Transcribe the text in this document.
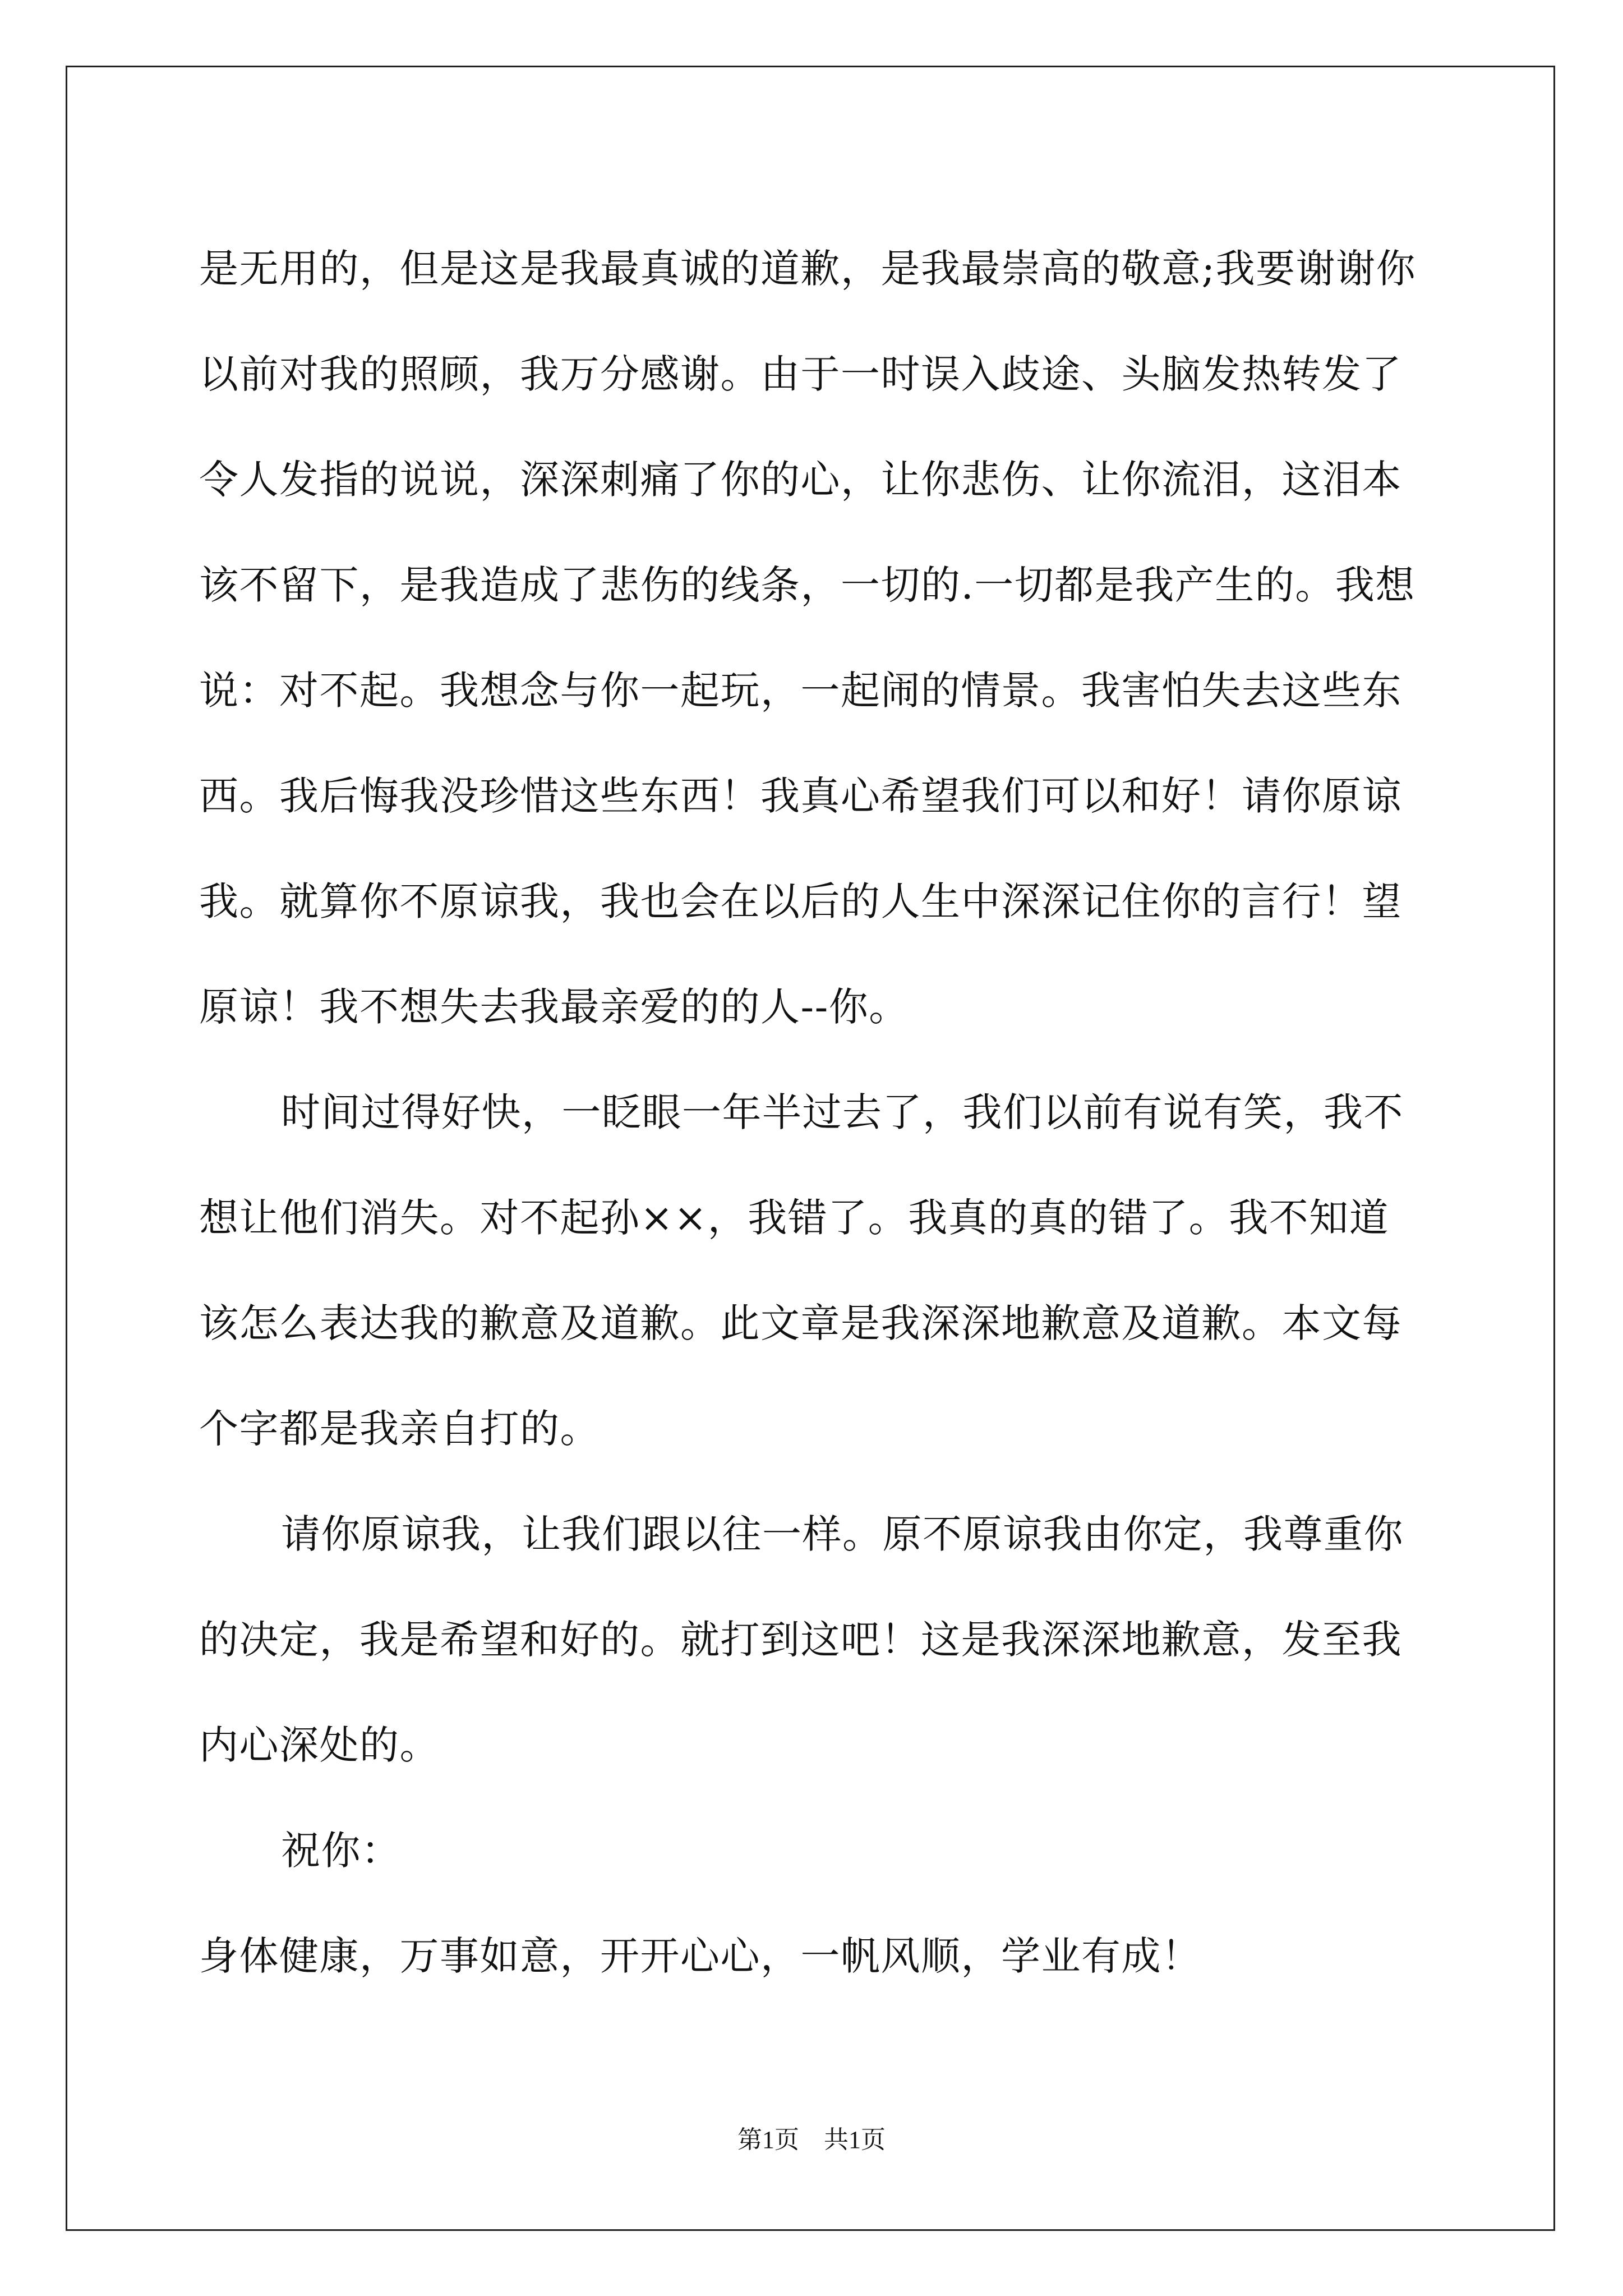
是无用的，但是这是我最真诚的道歉，是我最崇高的敬意;我要谢谢你
以前对我的照顾，我万分感谢。由于一时误入歧途、头脑发热转发了
令人发指的说说，深深刺痛了你的心，让你悲伤、让你流泪，这泪本
该不留下，是我造成了悲伤的线条，一切的.一切都是我产生的。我想
说：对不起。我想念与你一起玩，一起闹的情景。我害怕失去这些东
西。我后悔我没珍惜这些东西！我真心希望我们可以和好！请你原谅
我。就算你不原谅我，我也会在以后的人生中深深记住你的言行！望
原谅！我不想失去我最亲爱的的人--你。
时间过得好快，一眨眼一年半过去了，我们以前有说有笑，我不
想让他们消失。对不起孙××，我错了。我真的真的错了。我不知道
该怎么表达我的歉意及道歉。此文章是我深深地歉意及道歉。本文每
个字都是我亲自打的。
请你原谅我，让我们跟以往一样。原不原谅我由你定，我尊重你
的决定，我是希望和好的。就打到这吧！这是我深深地歉意，发至我
内心深处的。
祝你：
身体健康，万事如意，开开心心，一帆风顺，学业有成！
第1页　共1页
